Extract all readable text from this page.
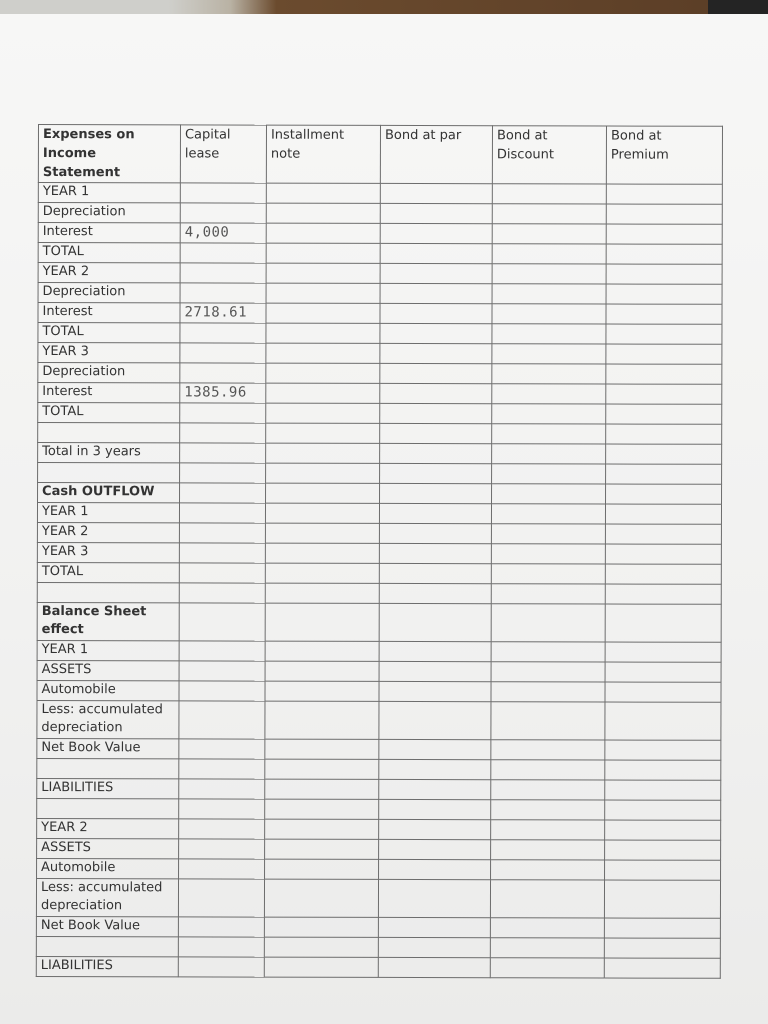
Expenses on Income Statement	Capital lease	Installment note	Bond at par	Bond at Discount	Bond at Premium
YEAR 1					
Depreciation					
Interest	4,000				
TOTAL					
YEAR 2					
Depreciation					
Interest	2718.61				
TOTAL					
YEAR 3					
Depreciation					
Interest	1385.96				
TOTAL					

Total in 3 years					

Cash OUTFLOW					
YEAR 1					
YEAR 2					
YEAR 3					
TOTAL					

Balance Sheet effect					
YEAR 1					
ASSETS					
Automobile					
Less: accumulated depreciation					
Net Book Value					

LIABILITIES					

YEAR 2					
ASSETS					
Automobile					
Less: accumulated depreciation					
Net Book Value					

LIABILITIES					
